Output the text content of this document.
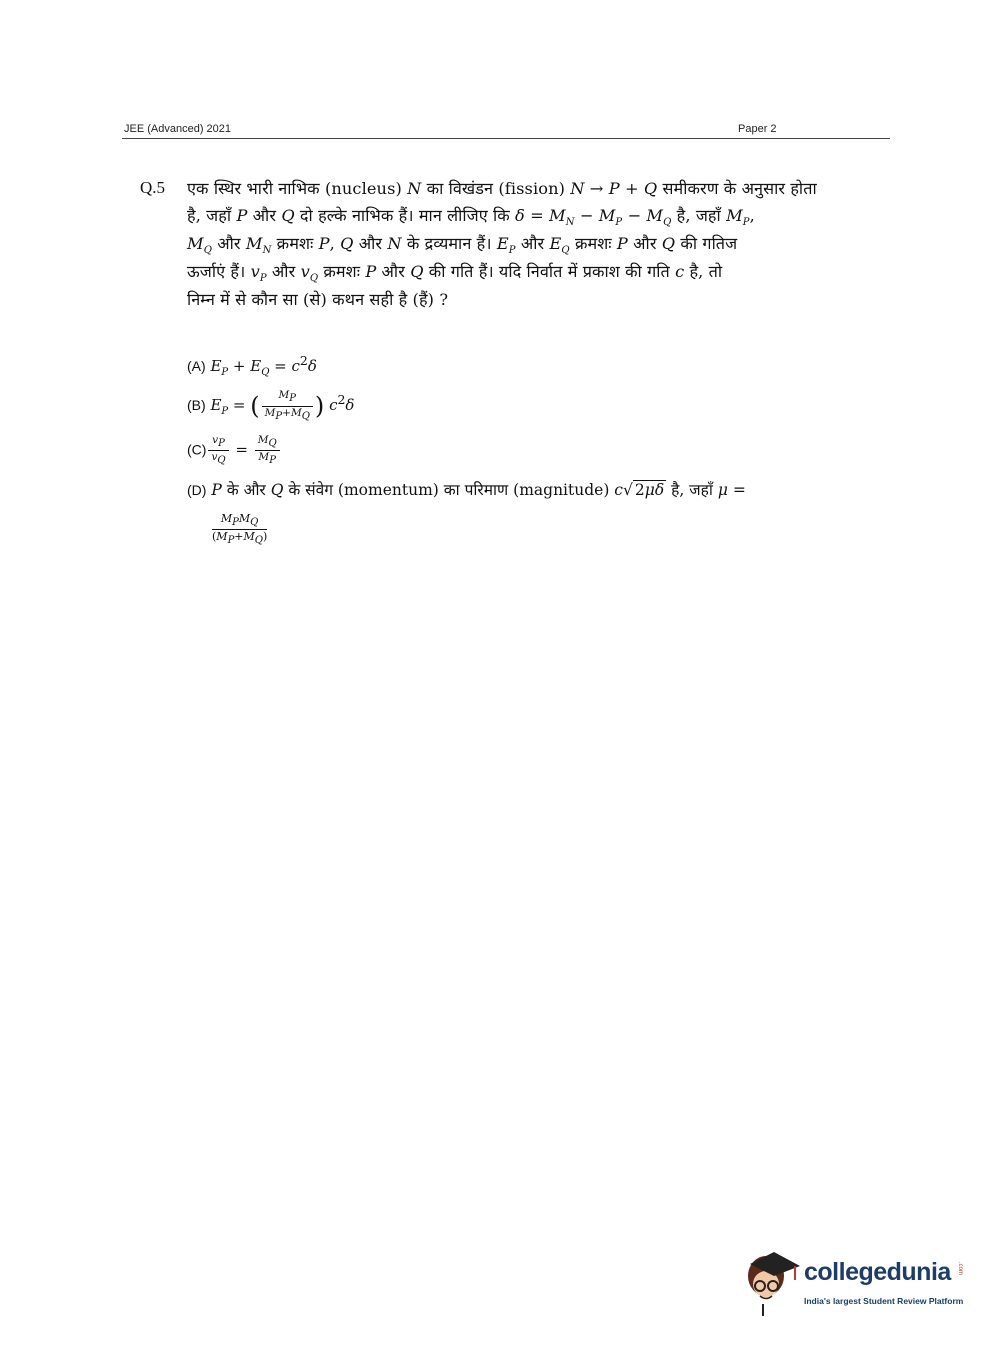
JEE (Advanced) 2021	Paper 2
Q.5 एक स्थिर भारी नाभिक (nucleus) N का विखंडन (fission) N → P + Q समीकरण के अनुसार होता
है, जहाँ P और Q दो हल्के नाभिक हैं। मान लीजिए कि $\delta = M_N - M_P - M_Q$ है, जहाँ $M_P$,
$M_Q$ और $M_N$ क्रमशः P, Q और N के द्रव्यमान हैं। $E_P$ और $E_Q$ क्रमशः P और Q की गतिज
ऊर्जाएं हैं। $v_P$ और $v_Q$ क्रमशः P और Q की गति हैं। यदि निर्वात में प्रकाश की गति c है, तो
निम्न में से कौन सा (से) कथन सही है (हैं) ?
(A) $E_P + E_Q = c^2\delta$
(B) $E_P$ = ( $\frac{M_P}{M_P+M_Q}$ ) $c^2\delta$
$(C) \frac{v_P}{v_Q} = \frac{M_Q}{M_P}$
(D) P के और Q के संवेग (momentum) का परिमाण (magnitude) c√ 2μδ है, जहाँ μ =
$M_PM_Q$
$(M_P+M_Q)$
collegedunia .com
India's largest Student Review Platform
